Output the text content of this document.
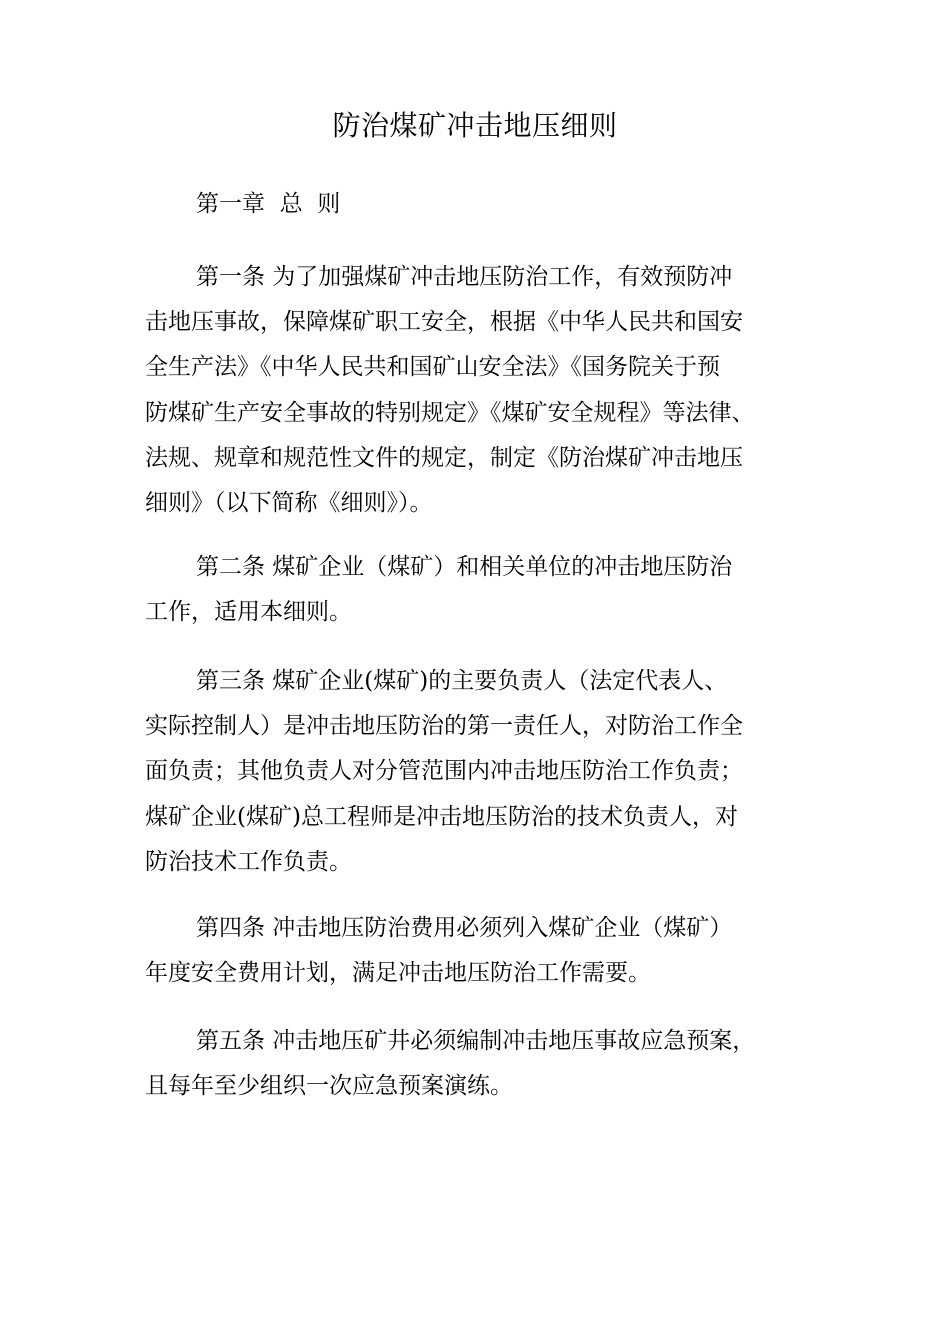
防治煤矿冲击地压细则
第一章  总  则
第一条 为了加强煤矿冲击地压防治工作，有效预防冲
击地压事故，保障煤矿职工安全，根据《中华人民共和国安
全生产法》《中华人民共和国矿山安全法》《国务院关于预
防煤矿生产安全事故的特别规定》《煤矿安全规程》等法律、
法规、规章和规范性文件的规定，制定《防治煤矿冲击地压
细则》（以下简称《细则》）。
第二条 煤矿企业（煤矿）和相关单位的冲击地压防治
工作，适用本细则。
第三条 煤矿企业(煤矿)的主要负责人（法定代表人、
实际控制人）是冲击地压防治的第一责任人，对防治工作全
面负责；其他负责人对分管范围内冲击地压防治工作负责；
煤矿企业(煤矿)总工程师是冲击地压防治的技术负责人，对
防治技术工作负责。
第四条 冲击地压防治费用必须列入煤矿企业（煤矿）
年度安全费用计划，满足冲击地压防治工作需要。
第五条 冲击地压矿井必须编制冲击地压事故应急预案，
且每年至少组织一次应急预案演练。
